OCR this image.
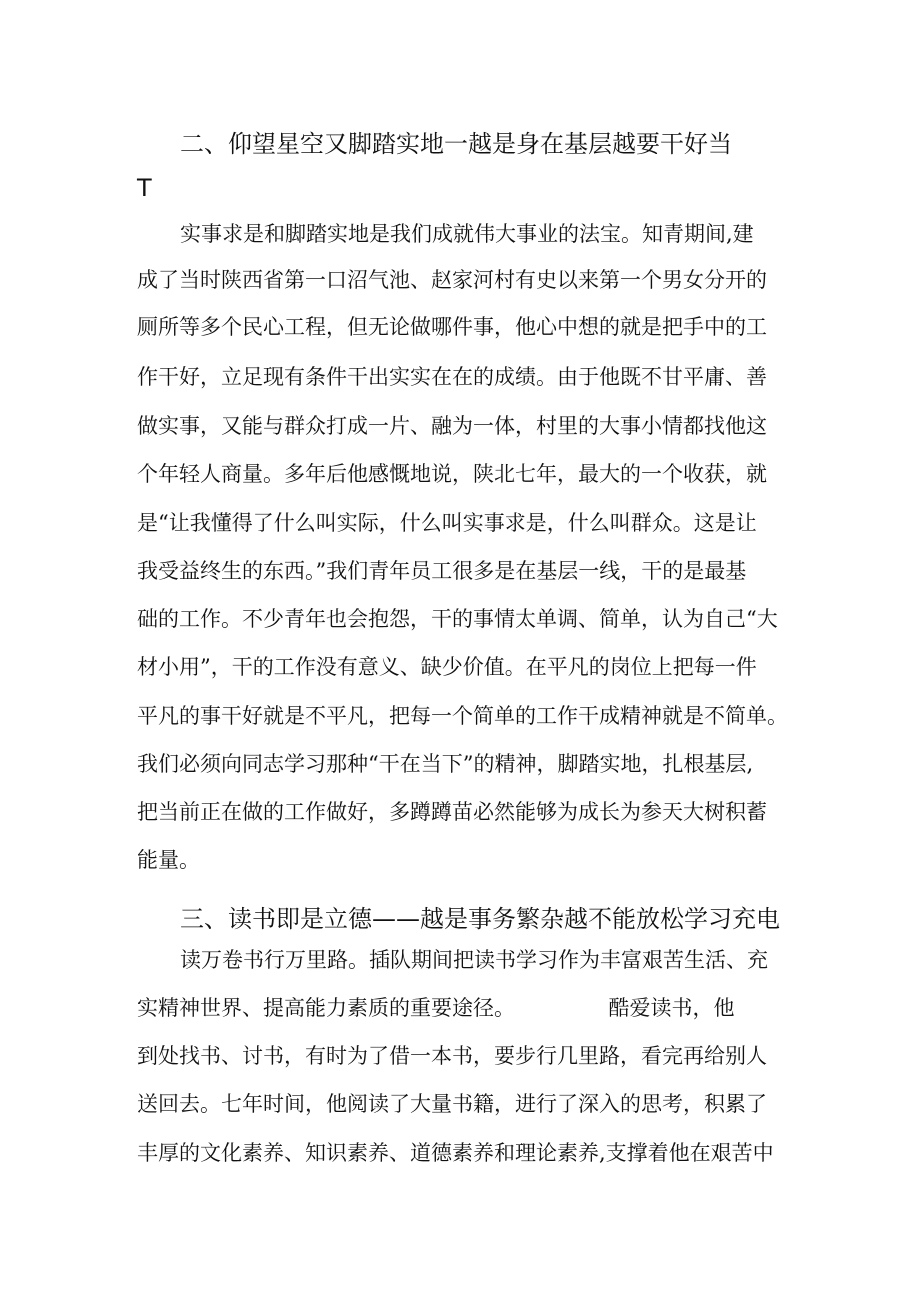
二、仰望星空又脚踏实地一越是身在基层越要干好当
T

实事求是和脚踏实地是我们成就伟大事业的法宝。知青期间,建

成了当时陕西省第一口沼气池、赵家河村有史以来第一个男女分开的

厕所等多个民心工程，但无论做哪件事，他心中想的就是把手中的工

作干好，立足现有条件干出实实在在的成绩。由于他既不甘平庸、善

做实事，又能与群众打成一片、融为一体，村里的大事小情都找他这

个年轻人商量。多年后他感慨地说，陕北七年，最大的一个收获，就

是“让我懂得了什么叫实际，什么叫实事求是，什么叫群众。这是让

我受益终生的东西。”我们青年员工很多是在基层一线，干的是最基

础的工作。不少青年也会抱怨，干的事情太单调、简单，认为自己“大

材小用”，干的工作没有意义、缺少价值。在平凡的岗位上把每一件

平凡的事干好就是不平凡，把每一个简单的工作干成精神就是不简单。

我们必须向同志学习那种“干在当下”的精神，脚踏实地，扎根基层,

把当前正在做的工作做好，多蹲蹲苗必然能够为成长为参天大树积蓄

能量。

三、读书即是立德——越是事务繁杂越不能放松学习充电

读万卷书行万里路。插队期间把读书学习作为丰富艰苦生活、充

实精神世界、提高能力素质的重要途径。              酷爱读书，他

到处找书、讨书，有时为了借一本书，要步行几里路，看完再给别人

送回去。七年时间，他阅读了大量书籍，进行了深入的思考，积累了

丰厚的文化素养、知识素养、道德素养和理论素养,支撑着他在艰苦中
